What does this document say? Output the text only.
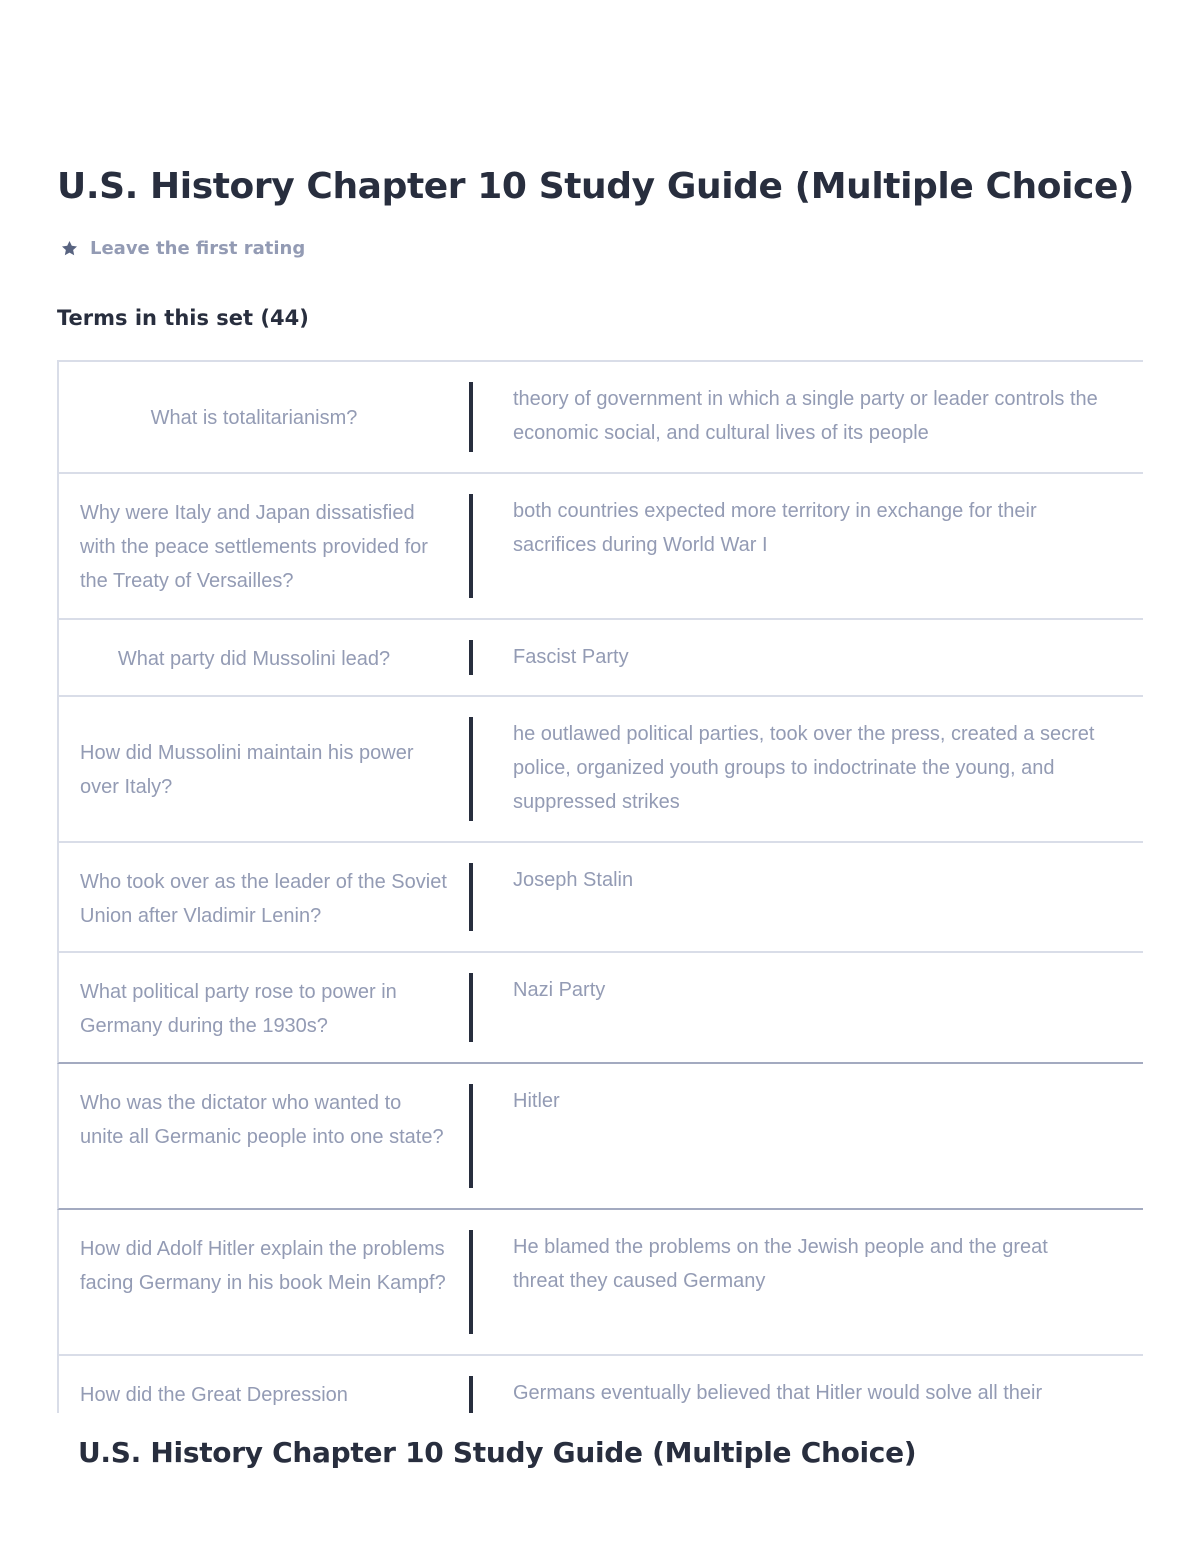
U.S. History Chapter 10 Study Guide (Multiple Choice)
Leave the first rating
Terms in this set (44)
What is totalitarianism?
theory of government in which a single party or leader controls the economic social, and cultural lives of its people
Why were Italy and Japan dissatisfied with the peace settlements provided for the Treaty of Versailles?
both countries expected more territory in exchange for their sacrifices during World War I
What party did Mussolini lead?	Fascist Party
How did Mussolini maintain his power over Italy?
he outlawed political parties, took over the press, created a secret police, organized youth groups to indoctrinate the young, and suppressed strikes
Who took over as the leader of the Soviet Union after Vladimir Lenin?
Joseph Stalin
What political party rose to power in Germany during the 1930s?
Nazi Party
Who was the dictator who wanted to unite all Germanic people into one state?
Hitler
How did Adolf Hitler explain the problems facing Germany in his book Mein Kampf?
He blamed the problems on the Jewish people and the great threat they caused Germany
How did the Great Depression	Germans eventually believed that Hitler would solve all their
U.S. History Chapter 10 Study Guide (Multiple Choice)
